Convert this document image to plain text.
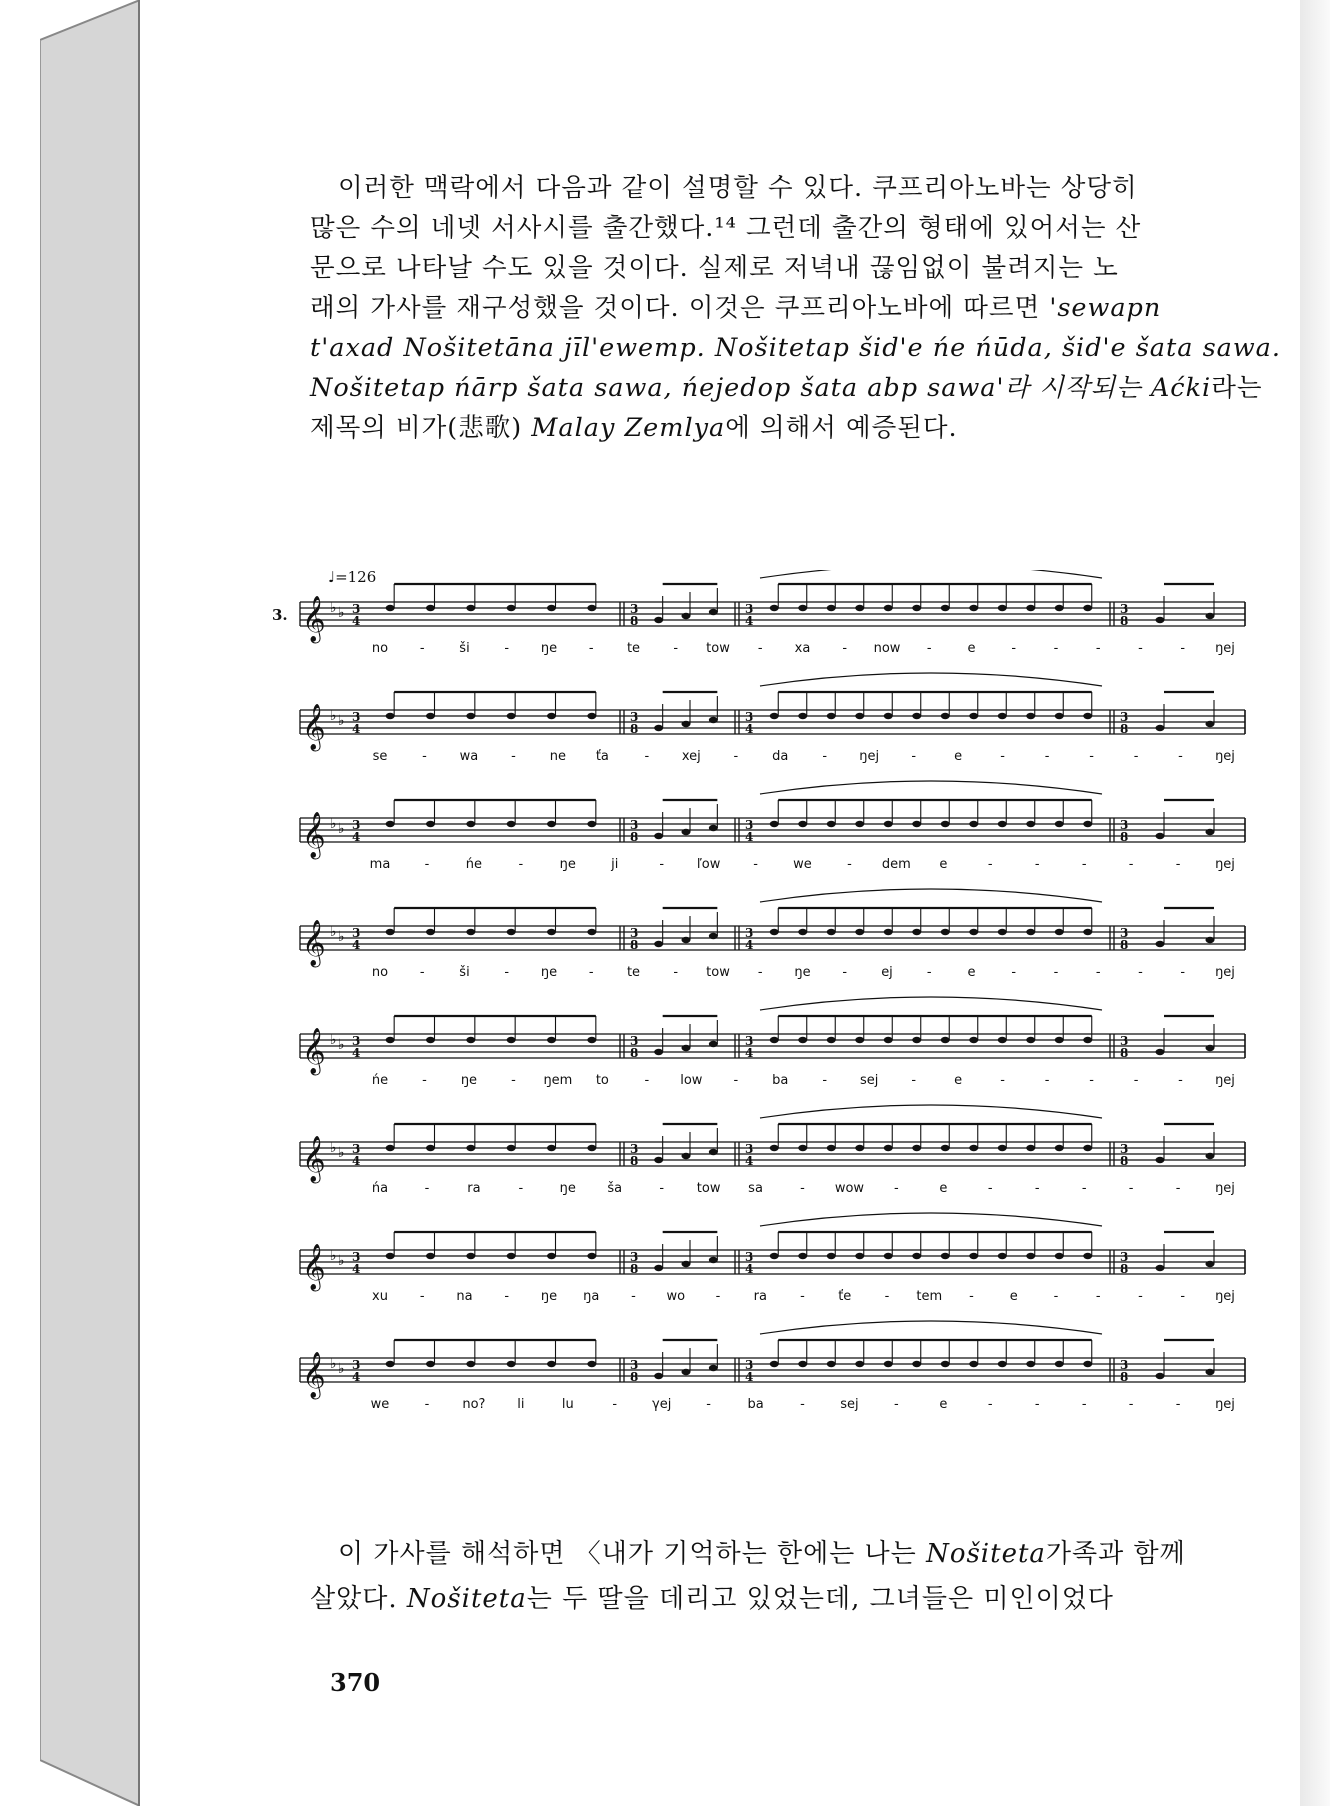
이러한 맥락에서 다음과 같이 설명할 수 있다. 쿠프리아노바는 상당히
많은 수의 네넷 서사시를 출간했다.¹⁴ 그런데 출간의 형태에 있어서는 산
문으로 나타날 수도 있을 것이다. 실제로 저녁내 끊임없이 불려지는 노
래의 가사를 재구성했을 것이다. 이것은 쿠프리아노바에 따르면 'sewapn
t'axad Nošitetāna jīl'ewemp. Nošitetap šid'e ńe ńūda, šid'e šata sawa.
Nošitetap ńārp šata sawa, ńejedop šata abp sawa'라 시작되는 Aćki라는
제목의 비가(悲歌) Malay Zemlya에 의해서 예증된다.
♩=126
3. 𝄞 ♭ ♭ 3
4
3
8
3
4
3
8
no -	ši	- ŋe -	te	- tow - xa - now -	e	-	-	-	-	- ŋej
𝄞 ♭ ♭ 3
4
3
8
3
4
3
8
se	-	wa	-	ne ťa	-	xej	-	da	- ŋej -	e	-	-	-	-	- ŋej
𝄞 ♭ ♭ 3
4
3
8
3
4
3
8
ma	-	ńe	-	ŋe	ji	-	ľow	-	we	- dem e	-	-	-	-	-	ŋej
𝄞 ♭ ♭ 3
4
3
8
3
4
3
8
no -	ši	- ŋe -	te	- tow - ŋe -	ej	-	e	-	-	-	-	- ŋej
𝄞 ♭ ♭ 3
4
3
8
3
4
3
8
ńe	-	ŋe	- ŋem to	- low -	ba	-	sej	-	e	-	-	-	-	- ŋej
𝄞 ♭ ♭ 3
4
3
8
3
4
3
8
ńa	-	ra	-	ŋe ša	-	tow sa	- wow -	e	-	-	-	-	-	ŋej
𝄞 ♭ ♭ 3
4
3
8
3
4
3
8
xu - na - ŋe ŋa - wo -	ra	-	ťe	- tem -	e	-	-	-	- ŋej
𝄞 ♭ ♭ 3
4
3
8
3
4
3
8
we	-	no? li	lu	-	γej	-	ba	-	sej	-	e	-	-	-	-	-	ŋej
이 가사를 해석하면 〈내가 기억하는 한에는 나는 Nošiteta가족과 함께
살았다. Nošiteta는 두 딸을 데리고 있었는데, 그녀들은 미인이었다
370
